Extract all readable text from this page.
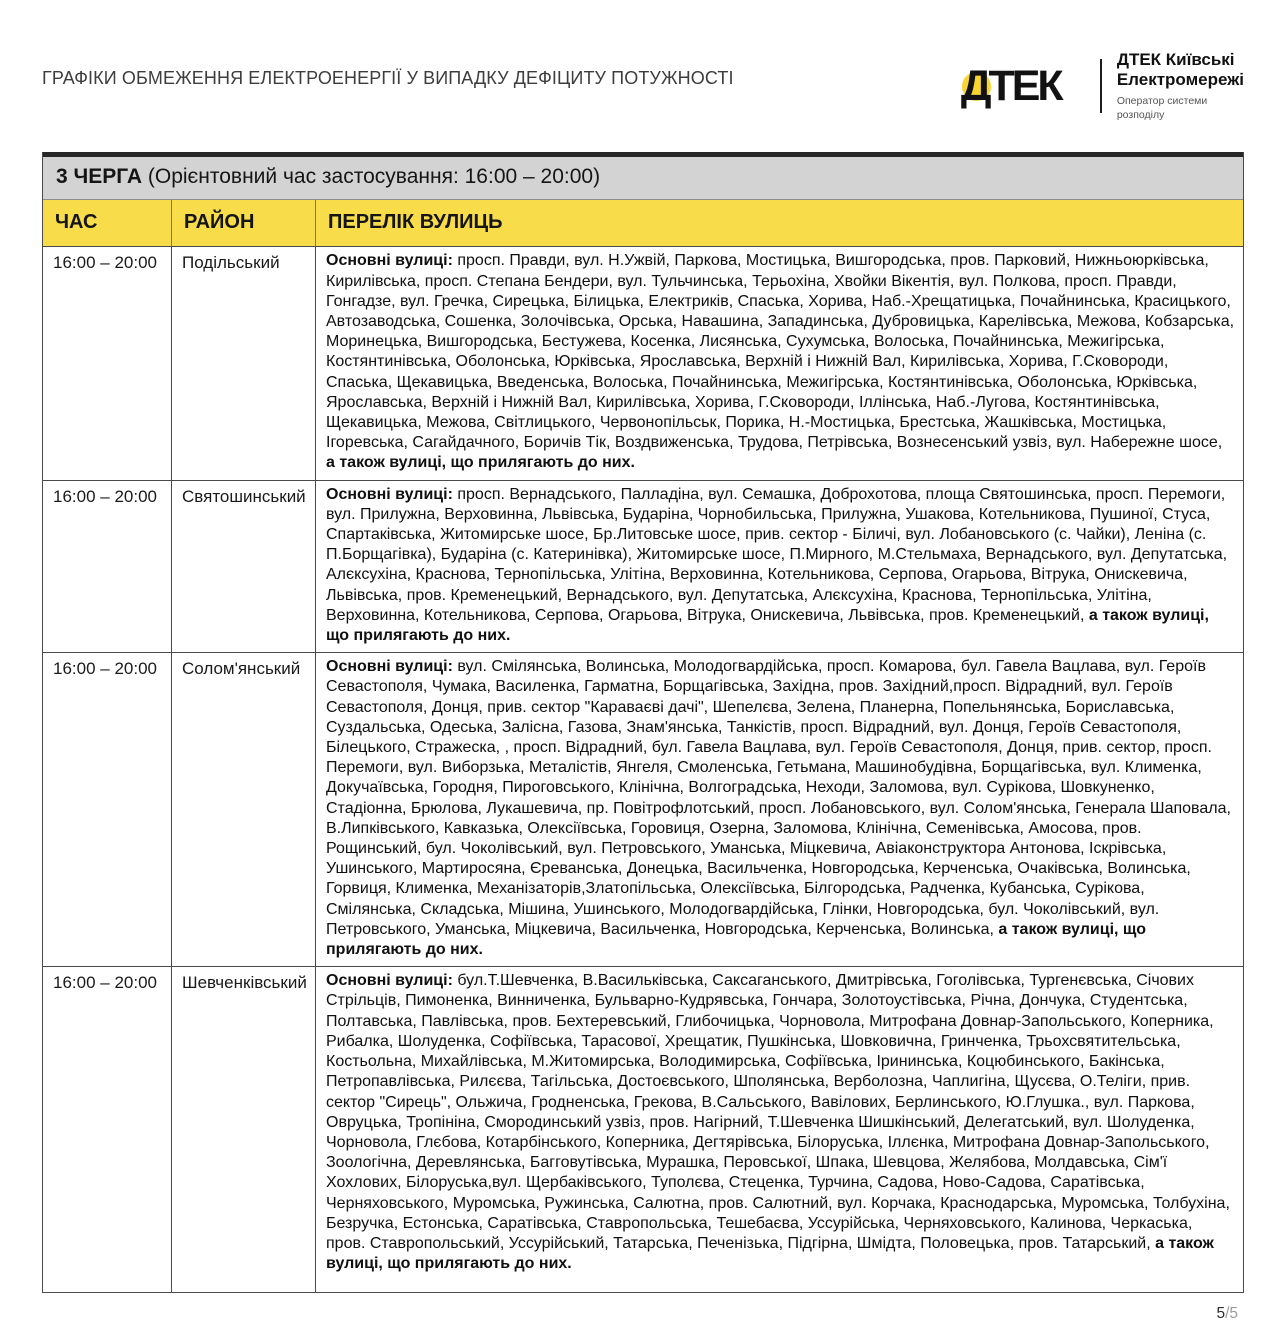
ГРАФІКИ ОБМЕЖЕННЯ ЕЛЕКТРОЕНЕРГІЇ У ВИПАДКУ ДЕФІЦИТУ ПОТУЖНОСТІ	ДТЕК
ДТЕК Київські
Електромережі
Оператор системи
розподілу
3 ЧЕРГА (Орієнтовний час застосування: 16:00 – 20:00)
ЧАС	РАЙОН	ПЕРЕЛІК ВУЛИЦЬ
16:00 – 20:00	Подільський	Основні вулиці: просп. Правди, вул. Н.Ужвій, Паркова, Мостицька, Вишгородська, пров. Парковий, Нижньоюрківська, Кирилівська, просп. Степана Бендери, вул. Тульчинська, Терьохіна, Хвойки Вікентія, вул. Полкова, просп. Правди, Гонгадзе, вул. Гречка, Сирецька, Білицька, Електриків, Спаська, Хорива, Наб.-Хрещатицька, Почайнинська, Красицького, Автозаводська, Сошенка, Золочівська, Орська, Навашина, Западинська, Дубровицька, Карелівська, Межова, Кобзарська, Моринецька, Вишгородська, Бестужева, Косенка, Лисянська, Сухумська, Волоська, Почайнинська, Межигірська, Костянтинівська, Оболонська, Юрківська, Ярославська, Верхній і Нижній Вал, Кирилівська, Хорива, Г.Сковороди, Спаська, Щекавицька, Введенська, Волоська, Почайнинська, Межигірська, Костянтинівська, Оболонська, Юрківська, Ярославська, Верхній і Нижній Вал, Кирилівська, Хорива, Г.Сковороди, Іллінська, Наб.-Лугова, Костянтинівська, Щекавицька, Межова, Світлицького, Червонопільськ, Порика, Н.-Мостицька, Брестська, Жашківська, Мостицька, Ігоревська, Сагайдачного, Боричів Тік, Воздвиженська, Трудова, Петрівська, Вознесенський узвіз, вул. Набережне шосе, а також вулиці, що прилягають до них.
16:00 – 20:00	Святошинський	Основні вулиці: просп. Вернадського, Палладіна, вул. Семашка, Доброхотова, площа Святошинська, просп. Перемоги, вул. Прилужна, Верховинна, Львівська, Бударіна, Чорнобильська, Прилужна, Ушакова, Котельникова, Пушиної, Стуса, Спартаківська, Житомирське шосе, Бр.Литовське шосе, прив. сектор - Біличі, вул. Лобановського (с. Чайки), Леніна (с. П.Борщагівка), Бударіна (с. Катеринівка), Житомирське шосе, П.Мирного, М.Стельмаха, Вернадського, вул. Депутатська, Алєксухіна, Краснова, Тернопільська, Улітіна, Верховинна, Котельникова, Серпова, Огарьова, Вітрука, Онискевича, Львівська, пров. Кременецький, Вернадського, вул. Депутатська, Алєксухіна, Краснова, Тернопільська, Улітіна, Верховинна, Котельникова, Серпова, Огарьова, Вітрука, Онискевича, Львівська, пров. Кременецький, а також вулиці, що прилягають до них.
16:00 – 20:00	Солом'янський	Основні вулиці: вул. Смілянська, Волинська, Молодогвардійська, просп. Комарова, бул. Гавела Вацлава, вул. Героїв Севастополя, Чумака, Василенка, Гарматна, Борщагівська, Західна, пров. Західний,просп. Відрадний, вул. Героїв Севастополя, Донця, прив. сектор "Караваєві дачі", Шепелєва, Зелена, Планерна, Попельнянська, Бориславська, Суздальська, Одеська, Залісна, Газова, Знам'янська, Танкістів, просп. Відрадний, вул. Донця, Героїв Севастополя, Білецького, Стражеска, , просп. Відрадний, бул. Гавела Вацлава, вул. Героїв Севастополя, Донця, прив. сектор, просп. Перемоги, вул. Виборзька, Металістів, Янгеля, Смоленська, Гетьмана, Машинобудівна, Борщагівська, вул. Клименка, Докучаївська, Городня, Пироговського, Клінічна, Волгоградська, Неходи, Заломова, вул. Сурікова, Шовкуненко, Стадіонна, Брюлова, Лукашевича, пр. Повітрофлотський, просп. Лобановського, вул. Солом'янська, Генерала Шаповала, В.Липківського, Кавказька, Олексіївська, Горовиця, Озерна, Заломова, Клінічна, Семенівська, Амосова, пров. Рощинський, бул. Чоколівський, вул. Петровського, Уманська, Міцкевича, Авіаконструктора Антонова, Іскрівська, Ушинського, Мартиросяна, Єреванська, Донецька, Васильченка, Новгородська, Керченська, Очаківська, Волинська, Горвиця, Клименка, Механізаторів,Златопільська, Олексіївська, Білгородська, Радченка, Кубанська, Сурікова, Смілянська, Складська, Мішина, Ушинського, Молодогвардійська, Глінки, Новгородська, бул. Чоколівський, вул. Петровського, Уманська, Міцкевича, Васильченка, Новгородська, Керченська, Волинська, а також вулиці, що прилягають до них.
16:00 – 20:00	Шевченківський	Основні вулиці: бул.Т.Шевченка, В.Васильківська, Саксаганського, Дмитрівська, Гоголівська, Тургенєвська, Січових Стрільців, Пимоненка, Винниченка, Бульварно-Кудрявська, Гончара, Золотоустівська, Річна, Дончука, Студентська, Полтавська, Павлівська, пров. Бехтеревський, Глибочицька, Чорновола, Митрофана Довнар-Запольського, Коперника, Рибалка, Шолуденка, Софіївська, Тарасової, Хрещатик, Пушкінська, Шовковична, Гринченка, Трьохсвятительська, Костьольна, Михайлівська, М.Житомирська, Володимирська, Софіївська, Ірининська, Коцюбинського, Бакінська, Петропавлівська, Рилєєва, Тагільська, Достоєвського, Шполянська, Верболозна, Чаплигіна, Щусєва, О.Теліги, прив. сектор "Сирець", Ольжича, Гродненська, Грекова, В.Сальського, Вавілових, Берлинського, Ю.Глушка., вул. Паркова, Овруцька, Тропініна, Смородинський узвіз, пров. Нагірний, Т.Шевченка Шишкінський, Делегатський, вул. Шолуденка, Чорновола, Глєбова, Котарбінського, Коперника, Дегтярівська, Білоруська, Іллєнка, Митрофана Довнар-Запольського, Зоологічна, Деревлянська, Багговутівська, Мурашка, Перовської, Шпака, Шевцова, Желябова, Молдавська, Сім'ї Хохлових, Білоруська,вул. Щербаківського, Туполєва, Стеценка, Турчина, Садова, Ново-Садова, Саратівська, Черняховського, Муромська, Ружинська, Салютна, пров. Салютний, вул. Корчака, Краснодарська, Муромська, Толбухіна, Безручка, Естонська, Саратівська, Ставропольська, Тешебаєва, Уссурійська, Черняховського, Калинова, Черкаська, пров. Ставропольський, Уссурійський, Татарська, Печенізька, Підгірна, Шмідта, Половецька, пров. Татарський, а також вулиці, що прилягають до них.
5/5
